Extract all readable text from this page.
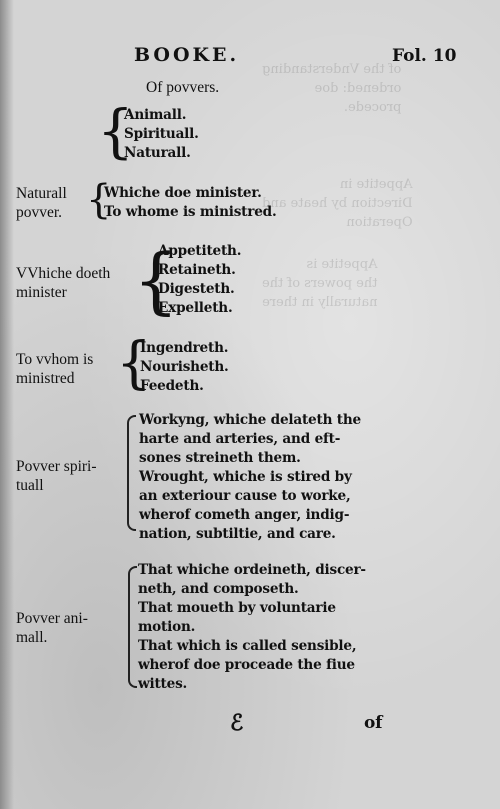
of the Vnderstanding
ordened: doe
procede.
Appetite in
Direction by heate and
Operation
Appetite is
the powers of the
naturally in there
BOOKE.	Fol. 10
Of povvers.
{
Animall.
Spirituall.
Naturall.
Naturall
povver. {
Whiche doe minister.
To whome is ministred.
VVhiche doeth
minister {
Appetiteth.
Retaineth.
Digesteth.
Expelleth.
To vvhom is
ministred {
Ingendreth.
Nourisheth.
Feedeth.
Povver spiri-
tuall
Workyng, whiche delateth the
harte and arteries, and eft-
sones streineth them.
Wrought, whiche is stired by
an exteriour cause to worke,
wherof cometh anger, indig-
nation, subtiltie, and care.
Povver ani-
mall.
That whiche ordeineth, discer-
neth, and composeth.
That moueth by voluntarie
motion.
That which is called sensible,
wherof doe proceade the fiue
wittes.
ℰ	of
